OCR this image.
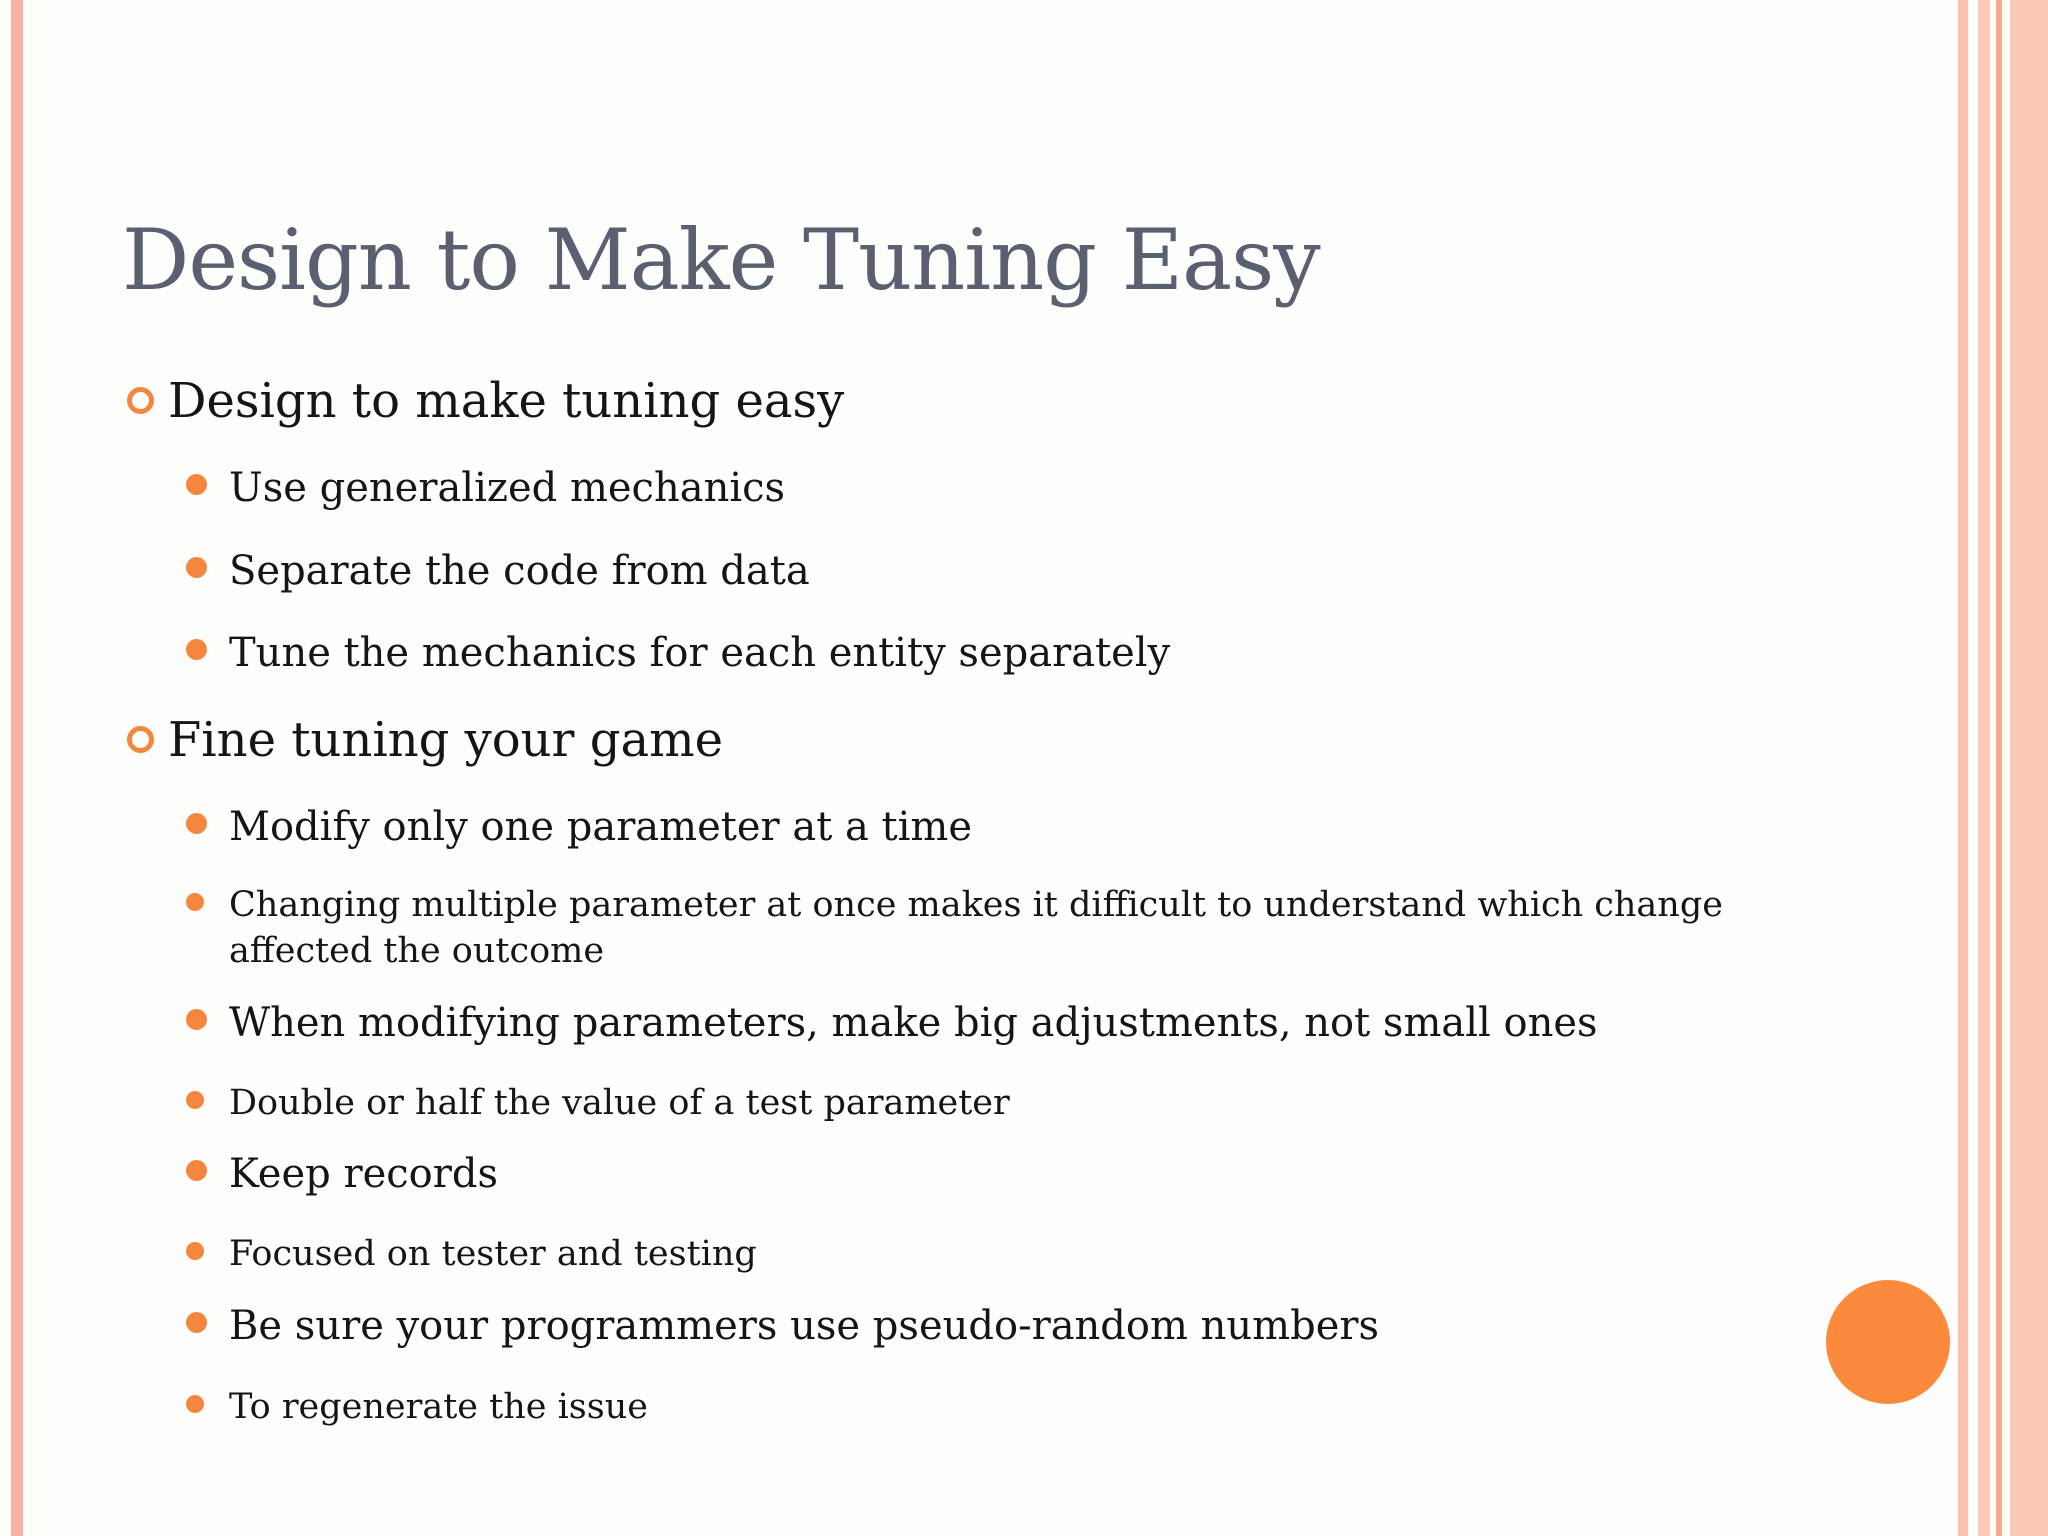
Design to Make Tuning Easy
Design to make tuning easy
Use generalized mechanics
Separate the code from data
Tune the mechanics for each entity separately
Fine tuning your game
Modify only one parameter at a time
Changing multiple parameter at once makes it difficult to understand which change
affected the outcome
When modifying parameters, make big adjustments, not small ones
Double or half the value of a test parameter
Keep records
Focused on tester and testing
Be sure your programmers use pseudo-random numbers
To regenerate the issue
